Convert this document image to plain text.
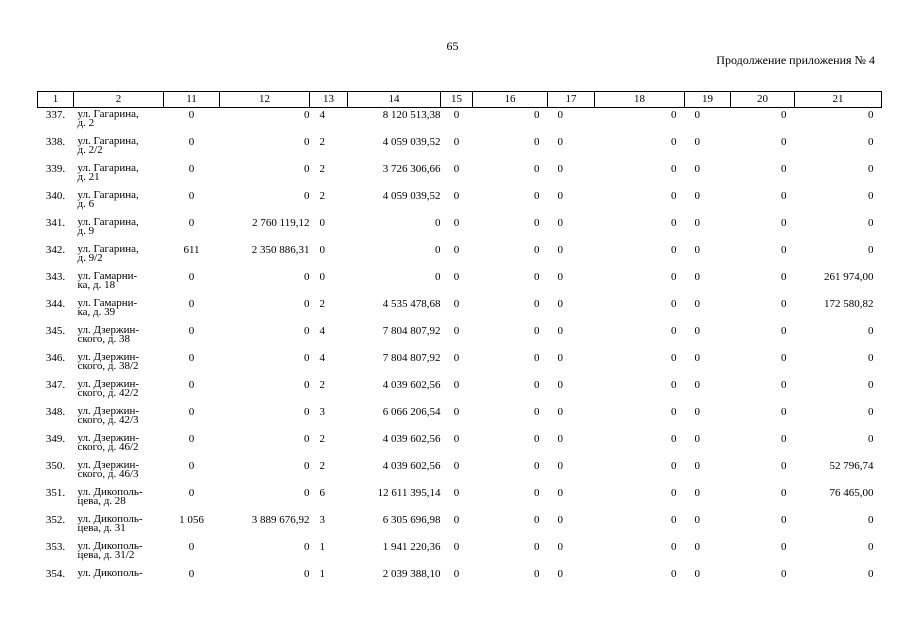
65
Продолжение приложения № 4
1	2	11	12	13	14	15	16	17	18	19	20	21

337.	ул. Гагарина,
д. 2	0	0	4	8 120 513,38	0	0	0	0	0	0	0

338.	ул. Гагарина,
д. 2/2	0	0	2	4 059 039,52	0	0	0	0	0	0	0

339.	ул. Гагарина,
д. 21	0	0	2	3 726 306,66	0	0	0	0	0	0	0

340.	ул. Гагарина,
д. 6	0	0	2	4 059 039,52	0	0	0	0	0	0	0

341.	ул. Гагарина,
д. 9	0	2 760 119,12	0	0	0	0	0	0	0	0	0

342.	ул. Гагарина,
д. 9/2	611	2 350 886,31	0	0	0	0	0	0	0	0	0

343.	ул. Гамарни-
ка, д. 18	0	0	0	0	0	0	0	0	0	0	261 974,00

344.	ул. Гамарни-
ка, д. 39	0	0	2	4 535 478,68	0	0	0	0	0	0	172 580,82

345.	ул. Дзержин-
ского, д. 38	0	0	4	7 804 807,92	0	0	0	0	0	0	0

346.	ул. Дзержин-
ского, д. 38/2	0	0	4	7 804 807,92	0	0	0	0	0	0	0

347.	ул. Дзержин-
ского, д. 42/2	0	0	2	4 039 602,56	0	0	0	0	0	0	0

348.	ул. Дзержин-
ского, д. 42/3	0	0	3	6 066 206,54	0	0	0	0	0	0	0

349.	ул. Дзержин-
ского, д. 46/2	0	0	2	4 039 602,56	0	0	0	0	0	0	0

350.	ул. Дзержин-
ского, д. 46/3	0	0	2	4 039 602,56	0	0	0	0	0	0	52 796,74

351.	ул. Дикополь-
цева, д. 28	0	0	6	12 611 395,14	0	0	0	0	0	0	76 465,00

352.	ул. Дикополь-
цева, д. 31	1 056	3 889 676,92	3	6 305 696,98	0	0	0	0	0	0	0

353.	ул. Дикополь-
цева, д. 31/2	0	0	1	1 941 220,36	0	0	0	0	0	0	0

354.	ул. Дикополь-	0	0	1	2 039 388,10	0	0	0	0	0	0	0
